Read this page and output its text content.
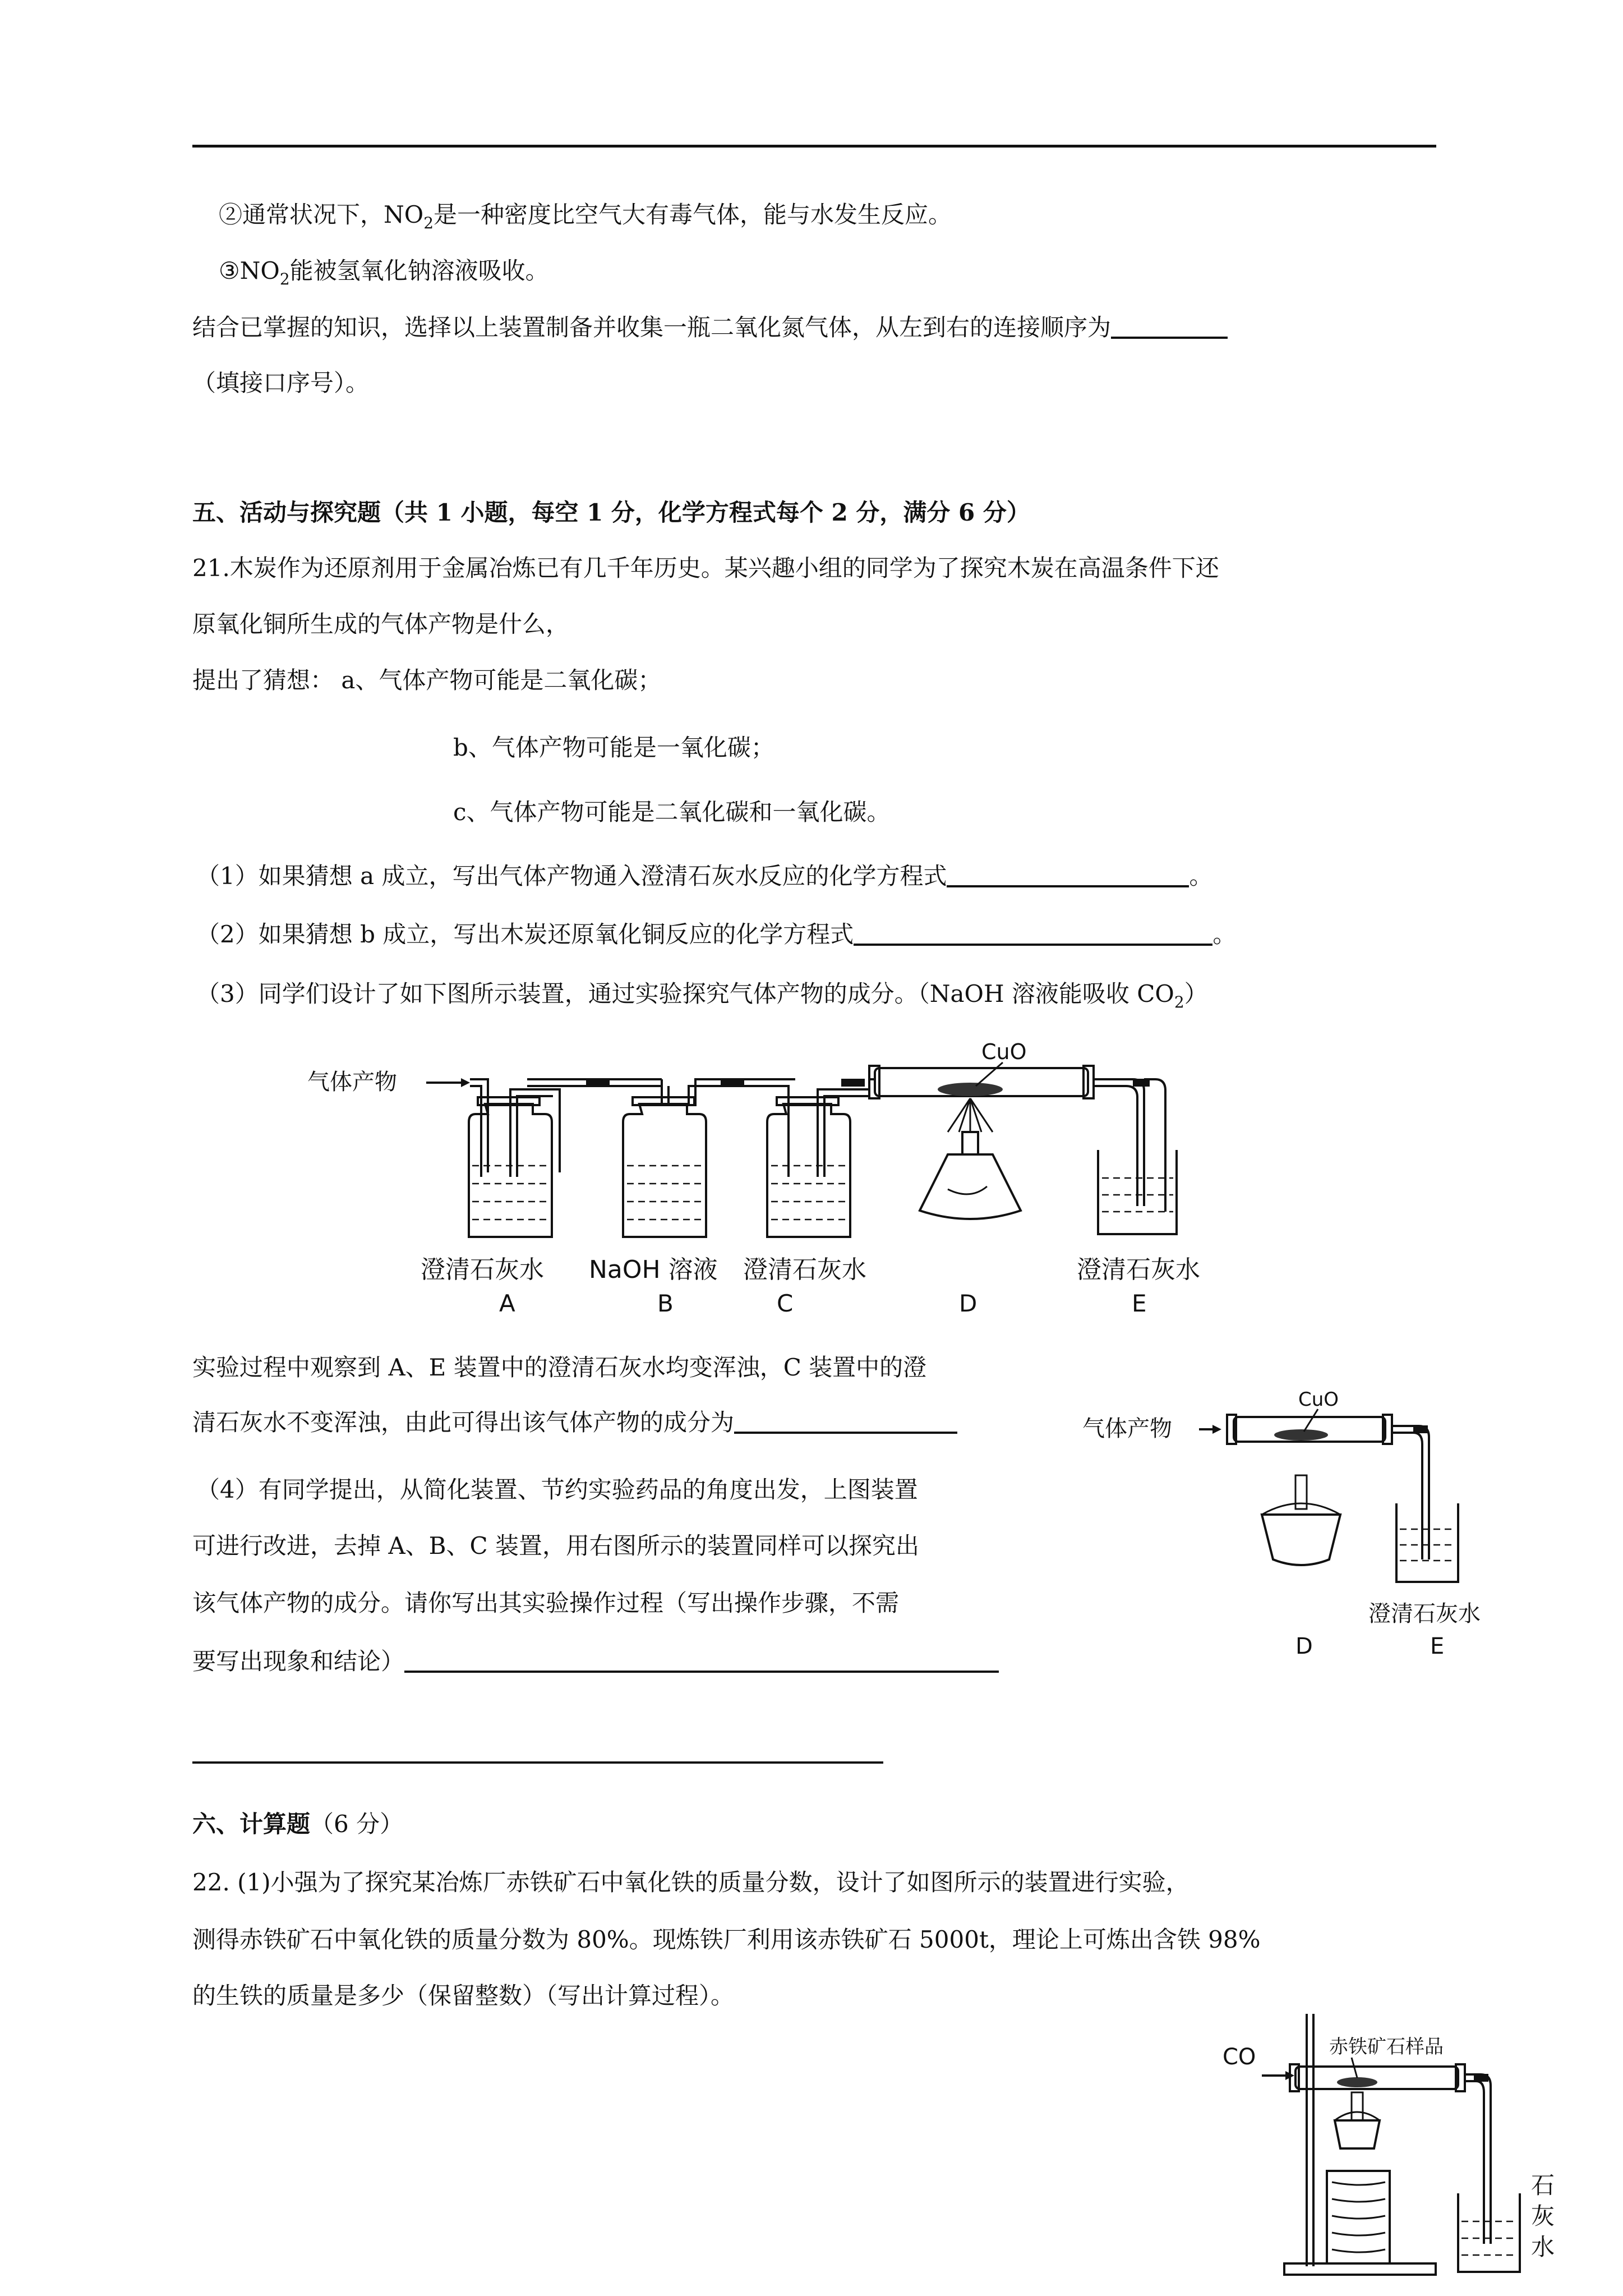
②通常状况下，$NO_2$是一种密度比空气大有毒气体，能与水发生反应。
$③NO_2$能被氢氧化钠溶液吸收。
结合已掌握的知识，选择以上装置制备并收集一瓶二氧化氮气体，从左到右的连接顺序为
（填接口序号）。
五、活动与探究题（共 1 小题，每空 1 分，化学方程式每个 2 分，满分 6 分）
21.木炭作为还原剂用于金属冶炼已有几千年历史。某兴趣小组的同学为了探究木炭在高温条件下还
原氧化铜所生成的气体产物是什么，
提出了猜想： a、气体产物可能是二氧化碳；
b、气体产物可能是一氧化碳；
c、气体产物可能是二氧化碳和一氧化碳。
（1）如果猜想 a 成立，写出气体产物通入澄清石灰水反应的化学方程式	。
（2）如果猜想 b 成立，写出木炭还原氧化铜反应的化学方程式	。
（3）同学们设计了如下图所示装置，通过实验探究气体产物的成分。（NaOH 溶液能吸收 $CO_2$）
气体产物
CuO
澄清石灰水 NaOH 溶液 澄清石灰水	澄清石灰水
A	B	C	D	E
实验过程中观察到 A、E 装置中的澄清石灰水均变浑浊，C 装置中的澄
清石灰水不变浑浊，由此可得出该气体产物的成分为
（4）有同学提出，从简化装置、节约实验药品的角度出发，上图装置
可进行改进，去掉 A、B、C 装置，用右图所示的装置同样可以探究出
该气体产物的成分。请你写出其实验操作过程（写出操作步骤，不需
要写出现象和结论）
气体产物
CuO
澄清石灰水
D	E
六、计算题（6 分）
22. (1)小强为了探究某冶炼厂赤铁矿石中氧化铁的质量分数，设计了如图所示的装置进行实验，
测得赤铁矿石中氧化铁的质量分数为 80%。现炼铁厂利用该赤铁矿石 5000t，理论上可炼出含铁 98%
的生铁的质量是多少（保留整数）（写出计算过程）。
CO	赤铁矿石样品
石
灰
水
